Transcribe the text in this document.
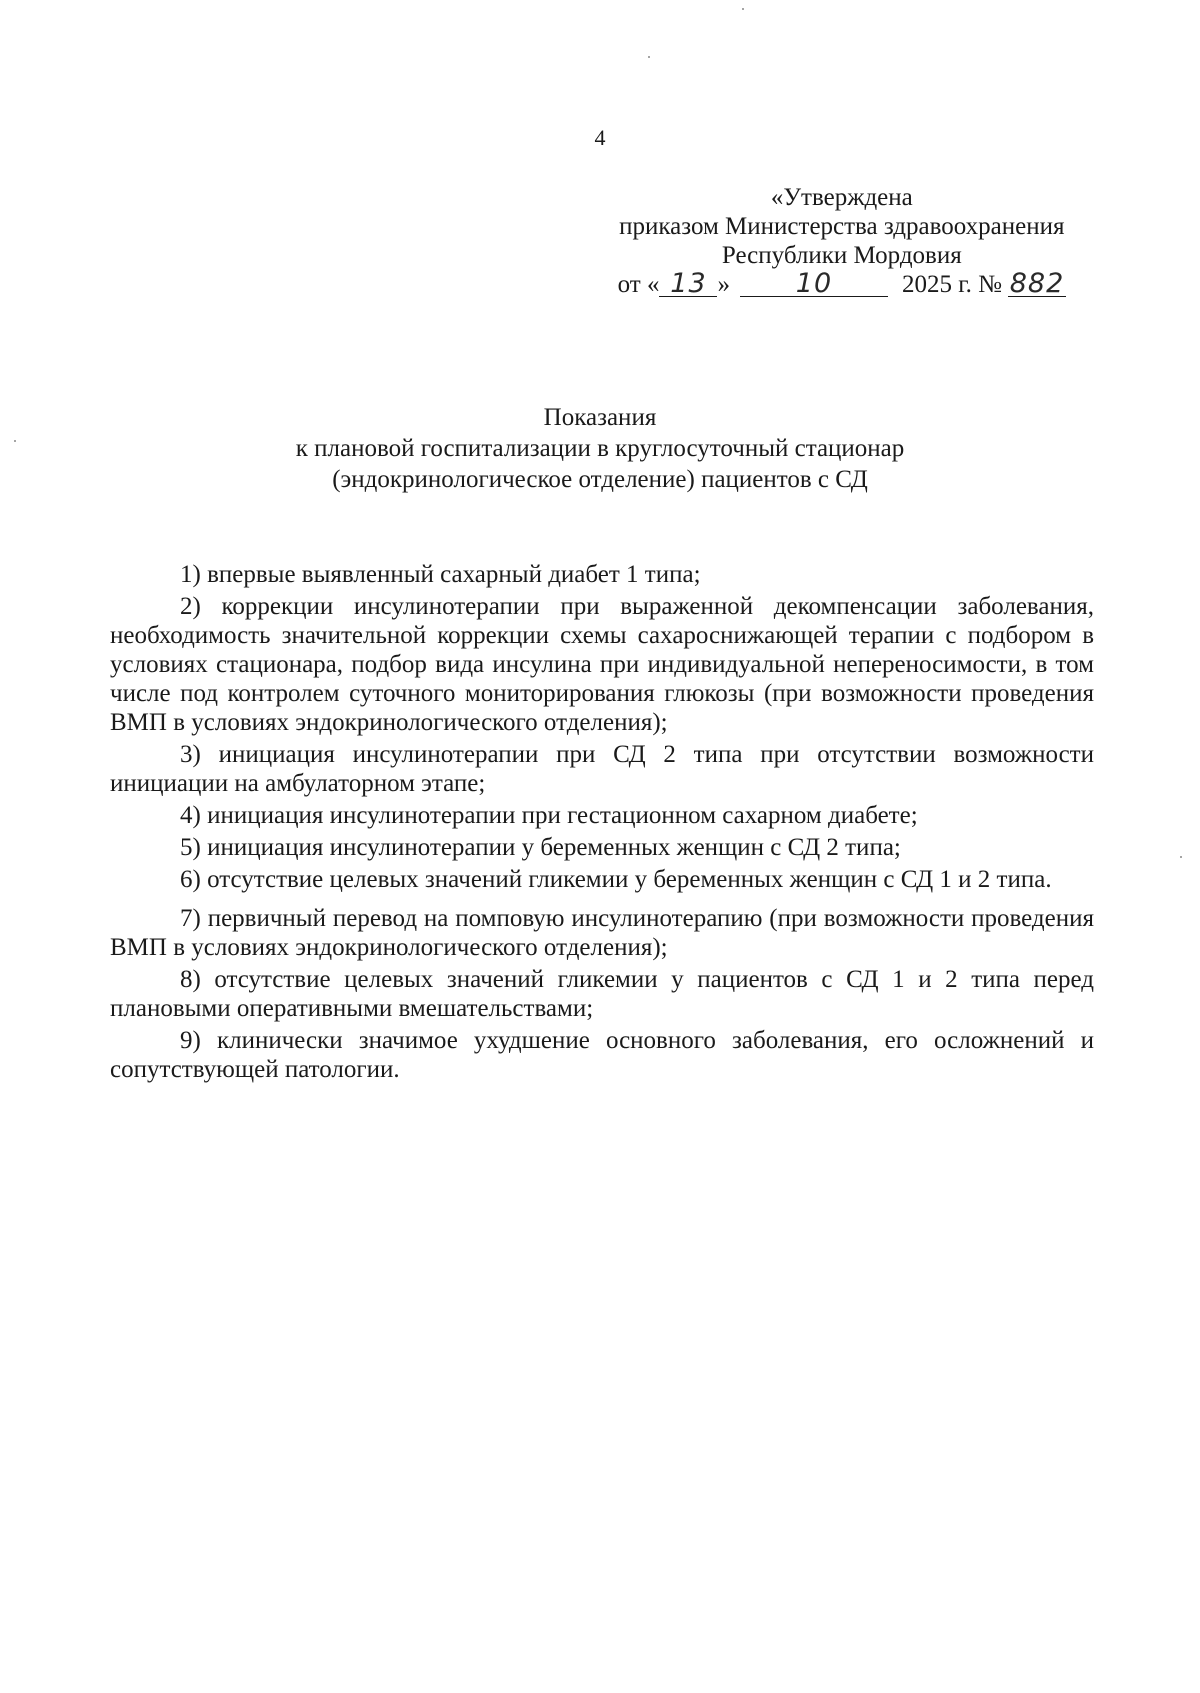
4
«Утверждена
приказом Министерства здравоохранения
Республики Мордовия
от « 13 » 10	2025 г. № 882
Показания
к плановой госпитализации в круглосуточный стационар
(эндокринологическое отделение) пациентов с СД

1) впервые выявленный сахарный диабет 1 типа;

2) коррекции инсулинотерапии при выраженной декомпенсации заболевания, необходимость значительной коррекции схемы сахароснижающей терапии с подбором в условиях стационара, подбор вида инсулина при индивидуальной непереносимости, в том числе под контролем суточного мониторирования глюкозы (при возможности проведения ВМП в условиях эндокринологического отделения);

3) инициация инсулинотерапии при СД 2 типа при отсутствии возможности инициации на амбулаторном этапе;

4) инициация инсулинотерапии при гестационном сахарном диабете;

5) инициация инсулинотерапии у беременных женщин с СД 2 типа;

6) отсутствие целевых значений гликемии у беременных женщин с СД 1 и 2 типа.

7) первичный перевод на помповую инсулинотерапию (при возможности проведения ВМП в условиях эндокринологического отделения);

8) отсутствие целевых значений гликемии у пациентов с СД 1 и 2 типа перед плановыми оперативными вмешательствами;

9) клинически значимое ухудшение основного заболевания, его осложнений и сопутствующей патологии.
